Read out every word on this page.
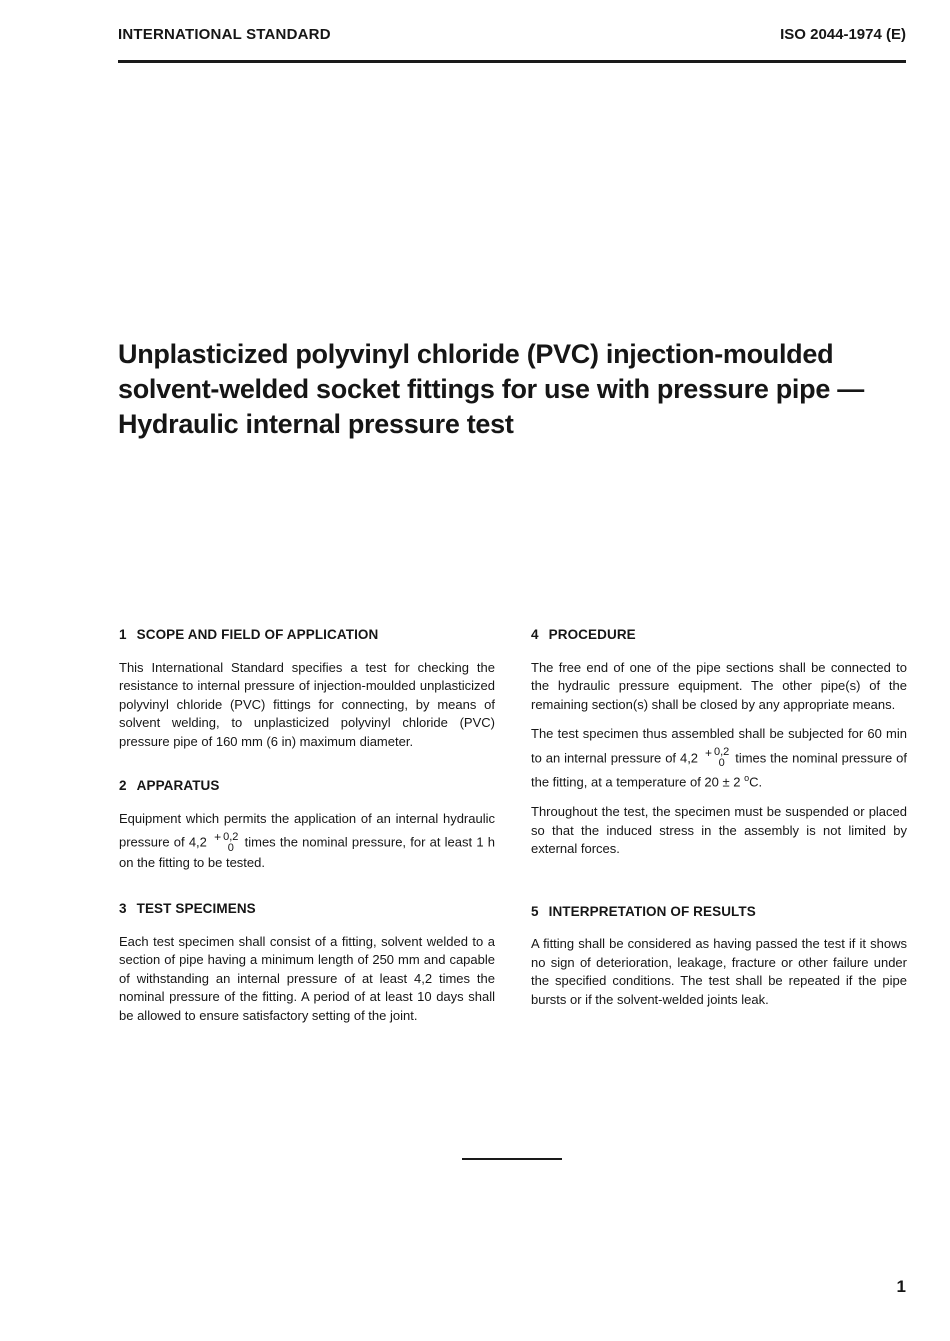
INTERNATIONAL STANDARD	ISO 2044-1974 (E)
Unplasticized polyvinyl chloride (PVC) injection-moulded solvent-welded socket fittings for use with pressure pipe — Hydraulic internal pressure test
1 SCOPE AND FIELD OF APPLICATION

This International Standard specifies a test for checking the resistance to internal pressure of injection-moulded unplasticized polyvinyl chloride (PVC) fittings for connecting, by means of solvent welding, to unplasticized polyvinyl chloride (PVC) pressure pipe of 160 mm (6 in) maximum diameter.

2 APPARATUS

Equipment which permits the application of an internal hydraulic pressure of 4,2 + 0,2
0 times the nominal pressure, for at least 1 h on the fitting to be tested.

3 TEST SPECIMENS

Each test specimen shall consist of a fitting, solvent welded to a section of pipe having a minimum length of 250 mm and capable of withstanding an internal pressure of at least 4,2 times the nominal pressure of the fitting. A period of at least 10 days shall be allowed to ensure satisfactory setting of the joint.

4 PROCEDURE

The free end of one of the pipe sections shall be connected to the hydraulic pressure equipment. The other pipe(s) of the remaining section(s) shall be closed by any appropriate means.

The test specimen thus assembled shall be subjected for 60 min to an internal pressure of 4,2 + 0,2
0 times the nominal pressure of the fitting, at a temperature of 20 ± 2 $^o$C.

Throughout the test, the specimen must be suspended or placed so that the induced stress in the assembly is not limited by external forces.

5 INTERPRETATION OF RESULTS

A fitting shall be considered as having passed the test if it shows no sign of deterioration, leakage, fracture or other failure under the specified conditions. The test shall be repeated if the pipe bursts or if the solvent-welded joints leak.

1
